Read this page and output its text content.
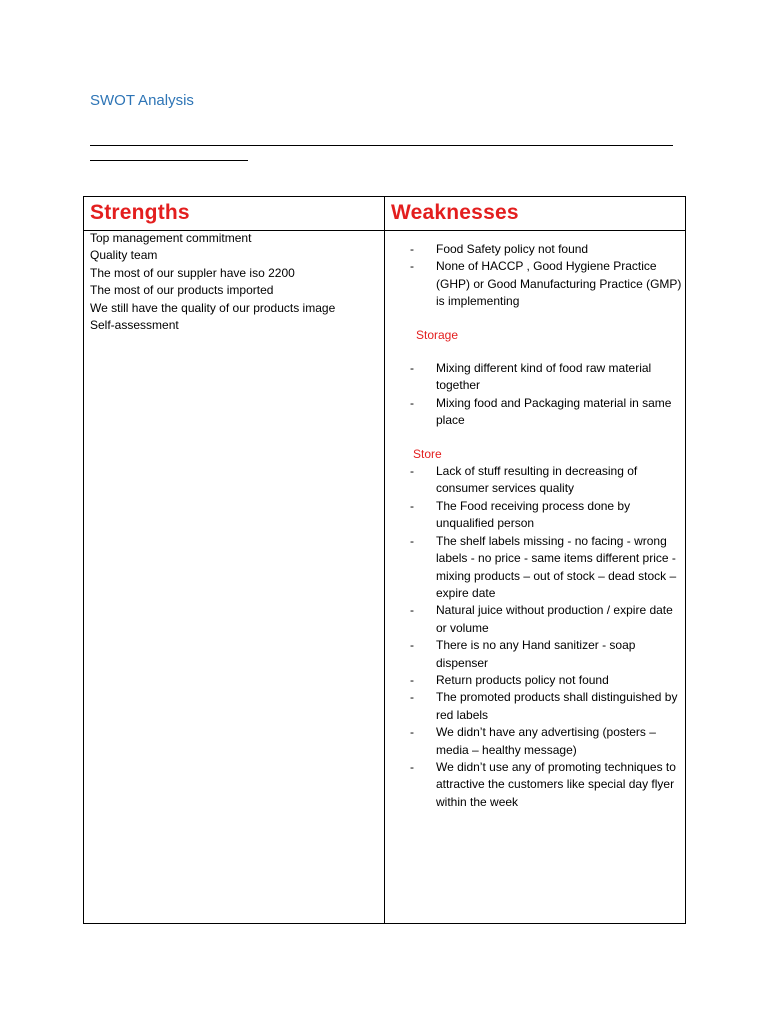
SWOT Analysis
Strengths	Weaknesses
Top management commitment
Quality team
The most of our suppler have iso 2200
The most of our products imported
We still have the quality of our products image
Self-assessment
- Food Safety policy not found
- None of HACCP , Good Hygiene Practice (GHP) or Good Manufacturing Practice (GMP) is implementing
Storage
- Mixing different kind of food raw material together
- Mixing food and Packaging material in same place
Store
- Lack of stuff resulting in decreasing of consumer services quality
- The Food receiving process done by unqualified person
- The shelf labels missing - no facing - wrong labels - no price - same items different price - mixing products – out of stock – dead stock – expire date
- Natural juice without production / expire date or volume
- There is no any Hand sanitizer - soap dispenser
- Return products policy not found
- The promoted products shall distinguished by red labels
- We didn’t have any advertising (posters – media – healthy message)
- We didn’t use any of promoting techniques to attractive the customers like special day flyer within the week
